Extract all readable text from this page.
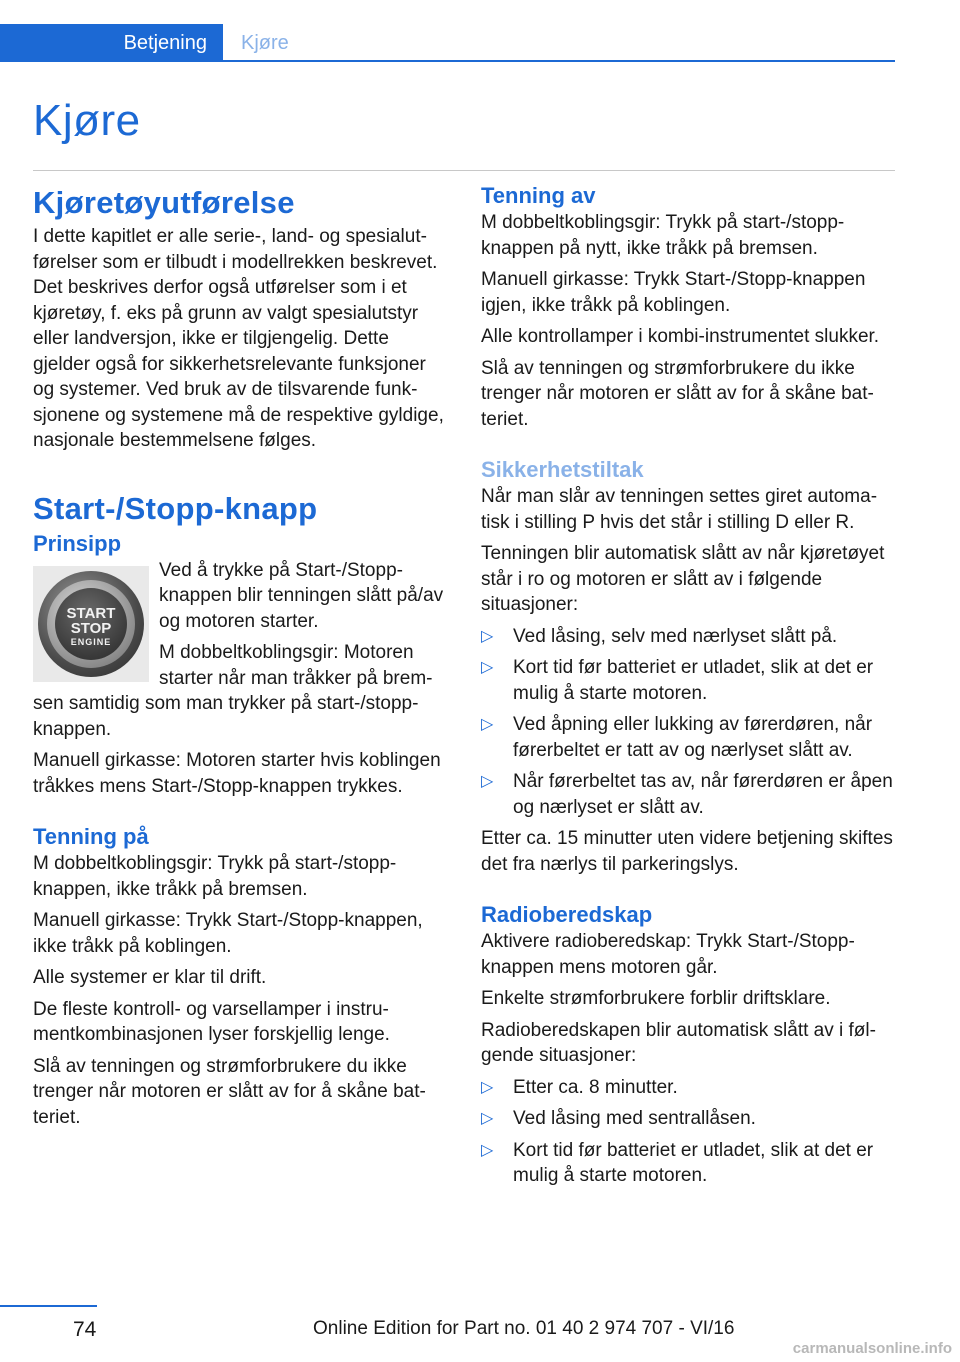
Betjening	Kjøre
Kjøre
Kjøretøyutførelse

I dette kapitlet er alle serie-, land- og spesialutførelser som er tilbudt i modellrekken beskrevet. Det beskrives derfor også utførelser som i et kjøretøy, f. eks på grunn av valgt spesialutstyr eller landversjon, ikke er tilgjengelig. Dette gjelder også for sikkerhetsrelevante funksjoner og systemer. Ved bruk av de tilsvarende funksjonene og systemene må de respektive gyldige, nasjonale bestemmelsene følges.

Start-/Stopp-knapp
Prinsipp
START
STOP
ENGINE

Ved å trykke på Start-/Stopp-knappen blir tenningen slått på/av og motoren starter.

M dobbeltkoblingsgir: Motoren starter når man tråkker på bremsen samtidig som man trykker på start-/stopp-knappen.

Manuell girkasse: Motoren starter hvis koblingen tråkkes mens Start-/Stopp-knappen trykkes.

Tenning på

M dobbeltkoblingsgir: Trykk på start-/stopp-knappen, ikke tråkk på bremsen.

Manuell girkasse: Trykk Start-/Stopp-knappen, ikke tråkk på koblingen.

Alle systemer er klar til drift.

De fleste kontroll- og varsellamper i instrumentkombinasjonen lyser forskjellig lenge.

Slå av tenningen og strømforbrukere du ikke trenger når motoren er slått av for å skåne batteriet.

Tenning av

M dobbeltkoblingsgir: Trykk på start-/stopp-knappen på nytt, ikke tråkk på bremsen.

Manuell girkasse: Trykk Start-/Stopp-knappen igjen, ikke tråkk på koblingen.

Alle kontrollamper i kombi-instrumentet slukker.

Slå av tenningen og strømforbrukere du ikke trenger når motoren er slått av for å skåne batteriet.

Sikkerhetstiltak

Når man slår av tenningen settes giret automatisk i stilling P hvis det står i stilling D eller R.

Tenningen blir automatisk slått av når kjøretøyet står i ro og motoren er slått av i følgende situasjoner:

▷ Ved låsing, selv med nærlyset slått på.
▷ Kort tid før batteriet er utladet, slik at det er mulig å starte motoren.
▷ Ved åpning eller lukking av førerdøren, når førerbeltet er tatt av og nærlyset slått av.
▷ Når førerbeltet tas av, når førerdøren er åpen og nærlyset er slått av.

Etter ca. 15 minutter uten videre betjening skiftes det fra nærlys til parkeringslys.

Radioberedskap

Aktivere radioberedskap: Trykk Start-/Stopp-knappen mens motoren går.

Enkelte strømforbrukere forblir driftsklare.

Radioberedskapen blir automatisk slått av i følgende situasjoner:

▷ Etter ca. 8 minutter.
▷ Ved låsing med sentrallåsen.
▷ Kort tid før batteriet er utladet, slik at det er mulig å starte motoren.
74	Online Edition for Part no. 01 40 2 974 707 - VI/16
carmanualsonline.info
